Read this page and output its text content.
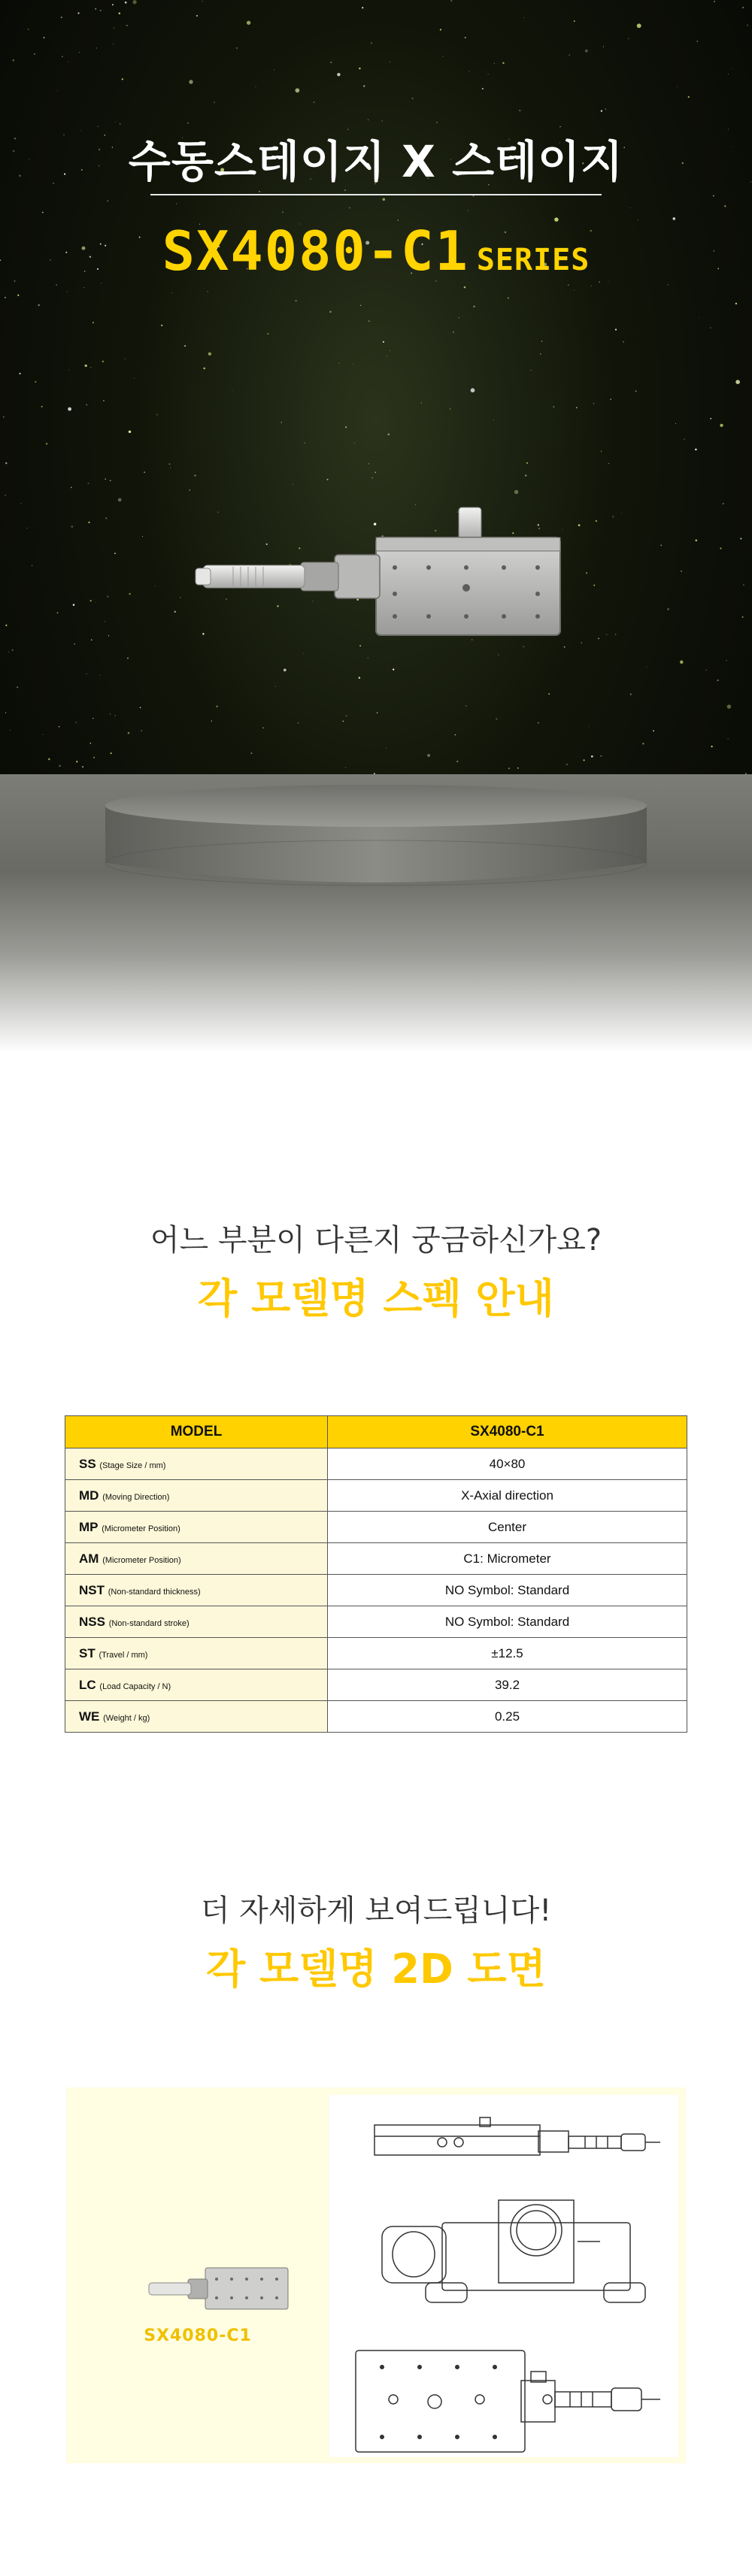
수동스테이지 X 스테이지
SX4080-C1 SERIES
어느 부분이 다른지 궁금하신가요?
각 모델명 스펙 안내
MODEL	SX4080-C1
SS (Stage Size / mm)	40×80
MD (Moving Direction)	X-Axial direction
MP (Micrometer Position)	Center
AM (Micrometer Position)	C1: Micrometer
NST (Non-standard thickness)	NO Symbol: Standard
NSS (Non-standard stroke)	NO Symbol: Standard
ST (Travel / mm)	±12.5
LC (Load Capacity / N)	39.2
WE (Weight / kg)	0.25
더 자세하게 보여드립니다!
각 모델명 2D 도면
SX4080-C1
